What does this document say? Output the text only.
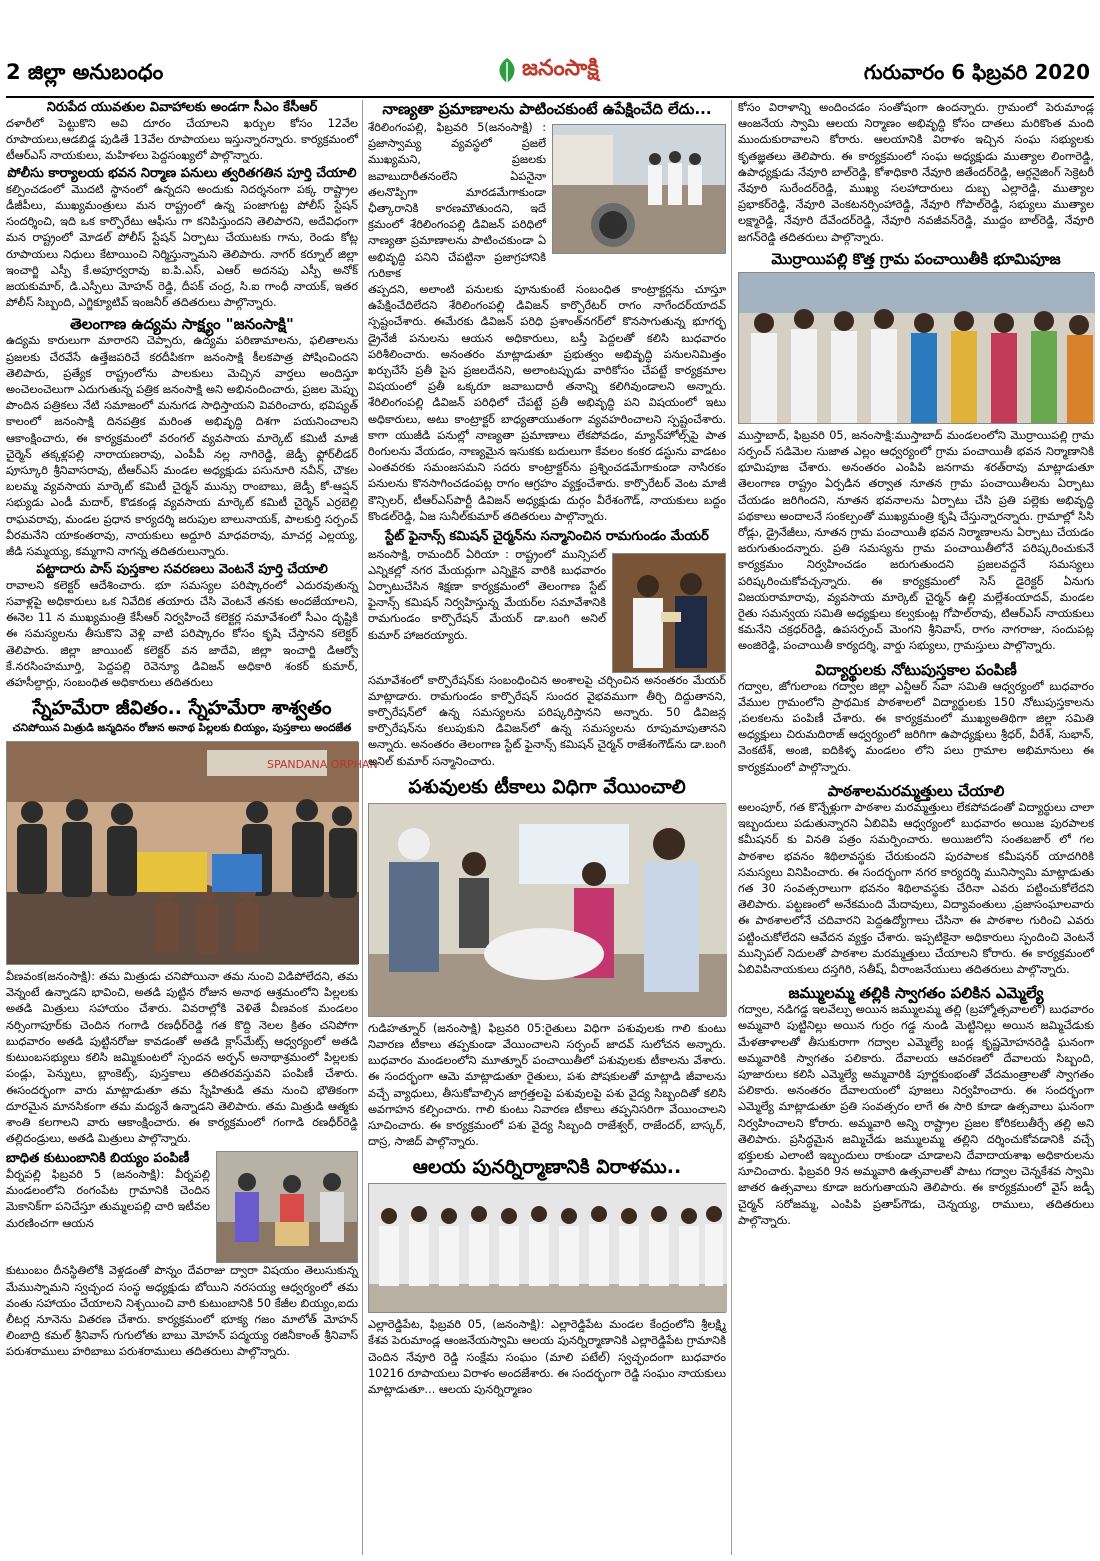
2 జిల్లా అనుబంధం	జనంసాక్షి	గురువారం 6 ఫిబ్రవరి 2020

నిరుపేద యువతుల వివాహాలకు అండగా సీఎం కేసీఆర్

దళారీలో పెట్టుకొని అవి దూరం చేయాలని ఖర్చుల కోసం 12వేల రూపాయలు,ఆడబిడ్డ పుడితే 13వేల రూపాయలు ఇస్తున్నారన్నారు. కార్యక్రమంలో టీఆర్ఎస్ నాయకులు, మహిళలు పెద్దసంఖ్యలో పాల్గొన్నారు.

పోలీసు కార్యాలయ భవన నిర్మాణ పనులు త్వరితగతిన పూర్తి చేయాలి

కల్పించడంలో మొదటి స్థానంలో ఉన్నదని అందుకు నిదర్శనంగా పక్క రాష్ట్రాల డీజీపీలు, ముఖ్యమంత్రులు మన రాష్ట్రంలో ఉన్న పంజాగుట్ట పోలీస్ స్టేషన్ సందర్శించి, ఇది ఒక కార్పొరేటు ఆఫీసు గా కనిపిస్తుందని తెలిపారని, అదేవిధంగా మన రాష్ట్రంలో మోడల్ పోలీస్ స్టేషన్ ఏర్పాటు చేయుటకు గాను, రెండు కోట్ల రూపాయలు నిధులు కేటాయించి నిర్మిస్తున్నామని తెలిపారు. నాగర్ కర్నూల్ జిల్లా ఇంచార్జి ఎస్పీ కే.అపూర్వరావు ఐ.పి.ఎస్, ఎఆర్ అదనపు ఎస్పీ అనోక్ జయకుమార్, డి.ఎస్పీలు మోహన్ రెడ్డి, దీపక్ చంద్ర, సి.ఐ గాంధీ నాయక్, ఇతర పోలీస్ సిబ్బంది, ఎగ్జిక్యూటివ్ ఇంజనీర్ తదితరులు పాల్గొన్నారు.

తెలంగాణ ఉద్యమ సాక్ష్యం "జనంసాక్షి"

ఉద్యమ కారులుగా మారారని చెప్పారు, ఉద్యమ పరిణామాలను, ఫలితాలను ప్రజలకు చేరవేసే ఉత్తేజపరిచే కరదీపికగా జనంసాక్షి కీలకపాత్ర పోషించిందని తెలిపారు, ప్రత్యేక రాష్ట్రంలోను పాలకులు మెచ్చిన వార్తలు అందిస్తూ అంచెలంచెలుగా ఎదుగుతున్న పత్రిక జనంసాక్షి అని అభినందించారు, ప్రజల మెప్పు పొందిన పత్రికలు నేటి సమాజంలో మనుగడ సాధిస్తాయని వివరించారు, భవిష్యత్ కాలంలో జనంసాక్షి దినపత్రిక మరింత అభివృద్ధి దిశగా పయనించాలని ఆకాంక్షించారు, ఈ కార్యక్రమంలో వరంగల్ వ్యవసాయ మార్కెట్ కమిటీ మాజీ చైర్మెన్ తక్కళ్లపల్లి నారాయణరావు, ఎంపీపీ నల్ల నాగిరెడ్డి, జెడ్పీ ఫ్లోర్‌లీడర్ పూస్కూరి శ్రీనివాసరావు, టీఆర్ఎస్ మండల అధ్యక్షుడు పసునూరి నవీన్, చౌకల బలమ్మ వ్యవసాయ మార్కెట్ కమిటీ చైర్మన్ మున్సు రాంబాబు, జెడ్పీ కో-ఆప్షన్ సభ్యుడు ఎండీ మదార్, కొడకండ్ల వ్యవసాయ మార్కెట్ కమిటీ చైర్మెన్ ఎర్రబెల్లి రాఘవరావు, మండల ప్రధాన కార్యదర్శి జరుపుల బాలునాయక్, పాలకుర్తి సర్పంచ్ వీరమనేని యాకంతరావు, నాయకులు అద్దూరి మాధవరావు, మాచర్ల ఎల్లయ్య, జీడి సమ్మయ్య, కమ్మగాని నాగన్న తదితరులున్నారు.

పట్టాదారు పాస్ పుస్తకాల సవరణలు వెంటనే పూర్తి చేయాలి

రావాలని కలెక్టర్ ఆదేశించారు. భూ సమస్యల పరిష్కారంలో ఎదురవుతున్న సవాళ్లపై అధికారులు ఒక నివేదిక తయారు చేసి వెంటనే తనకు అందజేయాలని, ఈనెల 11 న ముఖ్యమంత్రి కేసీఆర్ నిర్వహించే కలెక్టర్ల సమావేశంలో సీఎం దృష్టికి ఈ సమస్యలను తీసుకొని వెళ్లి వాటి పరిష్కారం కోసం కృషి చేస్తానని కలెక్టర్ తెలిపారు. జిల్లా జాయింట్ కలెక్టర్ వన జాదేవి, జిల్లా ఇంచార్జి డిఆర్వో కే.నరసింహమూర్తి, పెద్దపల్లి రెవెన్యూ డివిజన్ అధికారి శంకర్ కుమార్, తహసీల్దార్లు, సంబంధిత అధికారులు తదితరులు

స్నేహమేరా జీవితం.. స్నేహమేరా శాశ్వతం

చనిపోయిన మిత్రుడి జన్మదినం రోజున అనాథ పిల్లలకు బియ్యం, పుస్తకాలు అందజేత

SPANDANA ORPHAN

వీణవంక(జనంసాక్షి): తమ మిత్రుడు చనిపోయినా తమ నుంచి విడిపోలేదని, తమ వెన్నంటే ఉన్నాడని భావించి, అతడి పుట్టిన రోజున అనాథ ఆశ్రమంలోని పిల్లలకు అతడి మిత్రులు సహాయం చేశారు. వివరాల్లోకి వెళితే వీణవంక మండలం నర్సింగాపూర్‌కు చెందిన గంగాడి రణధీర్‌రెడ్డి గత కొద్ది నెలల క్రితం చనిపోగా బుధవారం అతడి పుట్టినరోజు కావడంతో అతడి క్లాస్‌మేట్స్ ఆధ్వర్యంలో అతడి కుటుంబసభ్యులు కలిసి జమ్మికుంటలో స్పందన అర్ఫన్ అనాథాశ్రమంలో పిల్లలకు పండ్లు, పెన్నులు, బ్లాంకెట్స్, పుస్తకాలు తదితరవస్తువని పంపిణీ చేశారు. ఈసందర్భంగా వారు మాట్లాడుతూ తమ స్నేహితుడి తమ నుంచి భౌతికంగా దూరమైన మానసికంగా తమ మధ్యనే ఉన్నాడని తెలిపారు. తమ మిత్రుడి ఆత్మకు శాంతి కలగాలని వారు ఆకాంక్షించారు. ఈ కార్యక్రమంలో గంగాడి రణధీర్‌రెడ్డి తల్లిదండ్రులు, అతడి మిత్రులు పాల్గొన్నారు.

బాధిత కుటుంబానికి బియ్యం పంపిణీ

వీర్నపల్లి ఫిబ్రవరి 5 (జనంసాక్షి): వీర్నపల్లి మండలంలోని రంగంపేట గ్రామానికి చెందిన మెకానిక్‌గా పనిచేస్తూ తుమ్మలపల్లి చారి ఇటీవల మరణించగా ఆయన

కుటుంబం దీనస్థితిలోకి వెళ్లడంతో పొన్నం దేవరాజు ద్వారా విషయం తెలుసుకున్న మేముస్నామని స్వచ్ఛంద సంస్థ అధ్యక్షుడు బోయిని నరసయ్య ఆధ్వర్యంలో తమ వంతు సహాయం చేయాలని నిశ్చయించి వారి కుటుంబానికి 50 కేజీల బియ్యం,ఐదు లీటర్ల నూనెను వితరణ చేశారు. కార్యక్రమంలో భూక్య గజం మాలోత్ మోహన్ లింబాద్రి కమల్ శ్రీనివాస్ గుగులోతు బాబు మోహన్ పద్మయ్య రజినీకాంత్ శ్రీనివాస్ పరుశరాములు హరిబాబు పరుశరాములు తదితరులు పాల్గొన్నారు.

నాణ్యతా ప్రమాణాలను పాటించకుంటే ఉపేక్షించేది లేదు...

శేరిలింగంపల్లి, ఫిబ్రవరి 5(జనంసాక్షి) : ప్రజాస్వామ్య వ్యవస్థలో ప్రజలే ముఖ్యమని, ప్రజలకు జవాబుదారీతనంలేని ఏపనైనా తలనొప్పిగా మారడమేగాకుండా ఛీత్కారానికి కారణమౌతుందని, ఇదే క్రమంలో శేరిలింగంపల్లి డివిజన్ పరిధిలో నాణ్యతా ప్రమాణాలను పాటించకుండా ఏ అభివృద్ధి పనిని చేపట్టినా ప్రజాగ్రహానికి గురికాక

తప్పదని, అలాంటి పనులకు పూనుకుంటే సంబంధిత కాంట్రాక్టర్లను చూస్తూ ఉపేక్షించేదిలేదని శేరిలింగంపల్లి డివిజన్ కార్పొరేటర్ రాగం నాగేందర్‌యాదవ్ స్పష్టంచేశారు. ఈమేరకు డివిజన్ పరిధి ప్రశాంత్‌నగర్‌లో కొనసాగుతున్న భూగర్భ డ్రైనేజీ పనులను ఆయన అధికారులు, బస్తీ పెద్దలతో కలిసి బుధవారం పరిశీలించారు. అనంతరం మాట్లాడుతూ ప్రభుత్వం అభివృద్ధి పనులనిమిత్తం ఖర్చుచేసే ప్రతీ పైస ప్రజలదేనని, అలాంటప్పుడు వారికోసం చేపట్టే కార్యక్రమాల విషయంలో ప్రతీ ఒక్కరూ జవాబుదారీ తనాన్ని కలిగివుండాలని అన్నారు. శేరిలింగంపల్లి డివిజన్ పరిధిలో చేపట్టే ప్రతీ అభివృద్ధి పని విషయంలో ఇటు అధికారులు, అటు కాంట్రాక్టర్ బాధ్యతాయుతంగా వ్యవహరించాలని స్పష్టంచేశారు. కాగా యుజీడి పనుల్లో నాణ్యతా ప్రమాణాలు లేకపోవడం, మ్యాన్‌హోల్స్‌పై పాత రింగులను వేయడం, నాణ్యమైన ఇసుకకు బదులుగా కేవలం కంకర డస్టును వాడటం ఎంతవరకు సమంజసమని సదరు కాంట్రాక్టర్‌ను ప్రశ్నించడమేగాకుండా నాసిరకం పనులను కొనసాగించడంపట్ల రాగం ఆగ్రహం వ్యక్తంచేశారు. కార్పొరేటర్ వెంట మాజీ కౌన్సిలర్, టీఆర్ఎస్‌పార్టీ డివిజన్ అధ్యక్షుడు దుర్గం వీరేశంగౌడ్, నాయకులు బద్దం కొండల్‌రెడ్డి, ఏజ సునీల్‌కుమార్ తదితరులు పాల్గొన్నారు.

స్టేట్ ఫైనాన్స్ కమిషన్ చైర్మన్‌ను సన్మానించిన రామగుండం మేయర్

జనంసాక్షి, రామందిర్ ఏరియా : రాష్ట్రంలో మున్సిపల్ ఎన్నికల్లో నగర మేయర్లుగా ఎన్నికైన వారికి బుధవారం ఏర్పాటుచేసిన శిక్షణా కార్యక్రమంలో తెలంగాణ స్టేట్ ఫైనాన్స్ కమిషన్ నిర్వహిస్తున్న మేయర్‌ల సమావేశానికి రామగుండం కార్పొరేషన్ మేయర్ డా.బంగి అనిల్ కుమార్ హాజరయ్యారు.

సమావేశంలో కార్పొరేషన్‌కు సంబంధించిన అంశాలపై చర్చించిన అనంతరం మేయర్ మాట్లాడారు. రామగుండం కార్పొరేషన్ సుందర వైభవముగా తీర్చి దిద్దుతానని, కార్పొరేషన్‌లో ఉన్న సమస్యలను పరిష్కరిస్తానని అన్నారు. 50 డివిజన్ల కార్పొరేషన్‌ను కలుపుకుని డివిజన్‌లో ఉన్న సమస్యలను రూపుమాపుతానని అన్నారు. అనంతరం తెలంగాణ స్టేట్ ఫైనాన్స్ కమిషన్ చైర్మన్ రాజేశంగౌడ్‌ను డా.బంగి అనిల్ కుమార్ సన్మానించారు.

పశువులకు టీకాలు విధిగా వేయించాలి

గుడిహత్నూర్ (జనంసాక్షి) ఫిబ్రవరి 05:రైతులు విధిగా పశువులకు గాలి కుంటు నివారణ టీకాలు తప్పకుండా వేయించాలని సర్పంచ్ జాదవ్ సులోచన అన్నారు. బుధవారం మండలంలోని మూత్నూర్ పంచాయితీలో పశువులకు టీకాలను వేశారు. ఈ సందర్భంగా ఆమె మాట్లాడుతూ రైతులు, పశు పోషకులతో మాట్లాడి జీవాలను వచ్చే వ్యాధులు, తీసుకోవాల్సిన జాగ్రత్తలపై పశువులపై పశు వైద్య సిబ్బందితో కలిసి అవగాహన కల్పించారు. గాలి కుంటు నివారణ టీకాలు తప్పనిసరిగా వేయించాలని సూచించారు. ఈ కార్యక్రమంలో పశు వైద్య సిబ్బంది రాజేశ్వర్, రాజేందర్, బాస్కర్, దాస్ర, సాజిద్ పాల్గొన్నారు.

ఆలయ పునర్నిర్మాణానికి విరాళము..

ఎల్లారెడ్డిపేట, ఫిబ్రవరి 05, (జనంసాక్షి): ఎల్లారెడ్డిపేట మండల కేంద్రంలోని శ్రీలక్ష్మి కేశవ పెరుమాండ్ల ఆంజనేయస్వామి ఆలయ పునర్నిర్మాణానికి ఎల్లారెడ్డిపేట గ్రామానికి చెందిన నేవూరి రెడ్డి సంక్షేమ సంఘం (మాలి పటేల్) స్వచ్ఛందంగా బుధవారం 10216 రూపాయలు విరాళం అందజేశారు. ఈ సందర్భంగా రెడ్డి సంఘం నాయకులు మాట్లాడుతూ... ఆలయ పునర్నిర్మాణం

కోసం విరాళాన్ని అందించడం సంతోషంగా ఉందన్నారు. గ్రామంలో పెరుమాండ్ల ఆంజనేయ స్వామి ఆలయ నిర్మాణం అభివృద్ధి కోసం దాతలు మరికొంత మంది ముందుకురావాలని కోరారు. ఆలయానికి విరాళం ఇచ్చిన సంఘ సభ్యులకు కృతజ్ఞతలు తెలిపారు. ఈ కార్యక్రమంలో సంఘ అధ్యక్షుడు ముత్యాల లింగారెడ్డి, ఉపాధ్యక్షుడు నేవూరి బాల్‌రెడ్డి, కోశాధికారి నేవూరి జితేందర్‌రెడ్డి, ఆర్గనైజింగ్ సెక్రెటరీ నేవూరి సురేందర్‌రెడ్డి, ముఖ్య సలహాదారులు దుబ్బ ఎల్లారెడ్డి, ముత్యాల ప్రభాకర్‌రెడ్డి, నేవూరి వెంకటనర్సింహారెడ్డి, నేవూరి గోపాల్‌రెడ్డి, సభ్యులు ముత్యాల లక్ష్మారెడ్డి, నేవూరి దేవేందర్‌రెడ్డి, నేవూరి నవజీవన్‌రెడ్డి, ముద్దం బాల్‌రెడ్డి, నేవూరి జగన్‌రెడ్డి తదితరులు పాల్గొన్నారు.

మొర్రాయిపల్లి కొత్త గ్రామ పంచాయితీకి భూమిపూజ

ముస్తాబాద్, ఫిబ్రవరి 05, జనంసాక్షి:ముస్తాబాద్ మండలంలోని మొర్రాయిపల్లి గ్రామ సర్పంచ్ సడిమెల సుజాత ఎల్లం ఆధ్వర్యంలో గ్రామ పంచాయితీ భవన నిర్మాణానికి భూమిపూజ చేశారు. అనంతరం ఎంపిపి జనగామ శరత్‌రావు మాట్లాడుతూ తెలంగాణ రాష్ట్రం ఏర్పడిన తర్వాత నూతన గ్రామ పంచాయితీలను ఏర్పాటు చేయడం జరిగిందని, నూతన భవనాలను ఏర్పాటు చేసి ప్రతి పల్లెకు అభివృద్ధి పథకాలు అందాలనే సంకల్పంతో ముఖ్యమంత్రి కృషి చేస్తున్నారన్నారు. గ్రామాల్లో సిసి రోడ్లు, డ్రైనేజీలు, నూతన గ్రామ పంచాయితీ భవన నిర్మాణాలను ఏర్పాటు చేయడం జరుగుతుందన్నారు. ప్రతి సమస్యను గ్రామ పంచాయితీలోనే పరిష్కరించుకునే కార్యక్రమం నిర్వహించడం జరుగుతుందని ప్రజలవద్దనే సమస్యలు పరిష్కరించుకోవచ్చన్నారు. ఈ కార్యక్రమంలో సెస్ డైరెక్టర్ ఏనుగు విజయరామారావు, వ్యవసాయ మార్కెట్ చైర్మన్ ఉల్లి మల్లేశంయాదవ్, మండల రైతు సమన్వయ సమితి అధ్యక్షులు కల్వకుంట్ల గోపాల్‌రావు, టిఆర్ఎస్ నాయకులు కమనేని చక్రధర్‌రెడ్డి, ఉపసర్పంచ్ మెంగని శ్రీనివాస్, రాగం నాగరాజు, సందుపట్ల అంజిరెడ్డి, పంచాయితీ కార్యదర్శి, వార్డు సభ్యులు, గ్రామస్తులు పాల్గొన్నారు.

విద్యార్థులకు నోటుపుస్తకాల పంపిణీ

గద్వాల, జోగులాంబ గద్వాల జిల్లా ఎన్టీఆర్ సేవా సమితి ఆధ్వర్యంలో బుధవారం వేముల గ్రామంలోని ప్రాథమిక పాఠశాలలో విద్యార్థులకు 150 నోటుపుస్తకాలను ,పలకలను పంపిణీ చేశారు. ఈ కార్యక్రమంలో ముఖ్యఅతిథిగా జిల్లా సమితి అధ్యక్షులు చిరుమదిరాజ్ ఆధ్వర్యంలో జరిగిగా ఉపాధ్యక్షులు శ్రీధర్, వీరేశ్, సుభాన్, వెంకటేశ్, అంజి, ఐదికిళ్ళ మండలం లోని పలు గ్రామాల అభిమానులు ఈ కార్యక్రమంలో పాల్గొన్నారు.

పాఠశాలమరమ్మత్తులు చేయాలి

అలంపూర్, గత కొన్నేళ్లుగా పాఠశాల మరమ్మత్తులు లేకపోవడంతో విద్యార్థులు చాలా ఇబ్బందులు పడుతున్నారని ఏబివిపి ఆధ్వర్యంలో బుధవారం అయిజ పురపాలక కమీషనర్ కు వినతి పత్రం సమర్పించారు. అయిజలోని సంతబజార్ లో గల పాఠశాల భవనం శిథిలావస్థకు చేరుకుందని పురపాలక కమీషనర్ యాదగిరికి సమస్యలు వినిపించారు. ఈ సందర్భంగా నగర కార్యదర్శి మునిస్వామి మాట్లాడుతు గత 30 సంవత్సరాలుగా భవనం శిథిలావస్థకు చేరినా ఎవరు పట్టించుకోలేదని తెలిపారు. పట్టణంలో అనేకమంది మేదావులు, విద్యావంతులు ,ప్రజాసంఘాలవారు ఈ పాఠశాలలోనే చదివారని పెద్దఉద్యోగాలు చేసినా ఈ పాఠశాల గురించి ఎవరు పట్టించుకోలేదని ఆవేదన వ్యక్తం చేశారు. ఇప్పటికైనా అధికారులు స్పందించి వెంటనే మున్సిపల్ నిదులతో పాఠశాల మరమ్మత్తులు చేయాలని కోరారు. ఈ కార్యక్రమంలో ఏబివిపినాయకులు దస్తగిరి, సతీష్, వీరాంజనేయులు తదితరులు పాల్గొన్నారు.

జమ్ములమ్మ తల్లికి స్వాగతం పలికిన ఎమ్మెల్యే

గద్వాల, నడిగడ్డ ఇలవేల్పు అయిన జమ్ములమ్మ తల్లి (బ్రహ్మోత్సవాలలో) బుధవారం అమ్మవారి పుట్టినిల్లు అయిన గుర్రం గడ్డ నుండి మెట్టినిల్లు అయిన జమ్మిచేడుకు మేళతాళాలతో తీసుకురాగా గద్వాల ఎమ్మెల్యే బండ్ల కృష్ణమోహనరెడ్డి ఘనంగా అమ్మవారికి స్వాగతం పలికారు. దేవాలయ ఆవరణలో దేవాలయ సిబ్బంది, పూజారులు కలిసి ఎమ్మెల్యే అమ్మవారికి పూర్ణకుంభంతో వేదమంత్రాలతో స్వాగతం పలికారు. అనంతరం దేవాలయంలో పూజలు నిర్వహించారు. ఈ సందర్భంగా ఎమ్మెల్యే మాట్లాడుతూ ప్రతి సంవత్సరం లాగే ఈ సారి కూడా ఉత్సవాలు ఘనంగా నిర్వహించాలని కోరారు. అమ్మవారి అన్ని రాష్ట్రాల ప్రజల కోరికలుతీర్చే తల్లి అని తెలిపారు. ప్రసిద్ధమైన జమ్మిచేడు జమ్ములమ్మ తల్లిని దర్శించుకోవడానికి వచ్చే భక్తులకు ఎలాంటి ఇబ్బందులు రాకుండా చూడాలని దేవాదాయశాఖ అధికారులను సూచించారు. ఫిబ్రవరి 9న అమ్మవారి ఉత్సవాలతో పాటు గద్వాల చెన్నకేశవ స్వామి జాతర ఉత్సవాలు కూడా జరుగుతాయని తెలిపారు. ఈ కార్యక్రమంలో వైస్ జడ్పీ చైర్మన్ సరోజమ్మ, ఎంపిపి ప్రతాప్‌గౌడు, చెన్నయ్య, రాములు, తదితరులు పాల్గొన్నారు.
